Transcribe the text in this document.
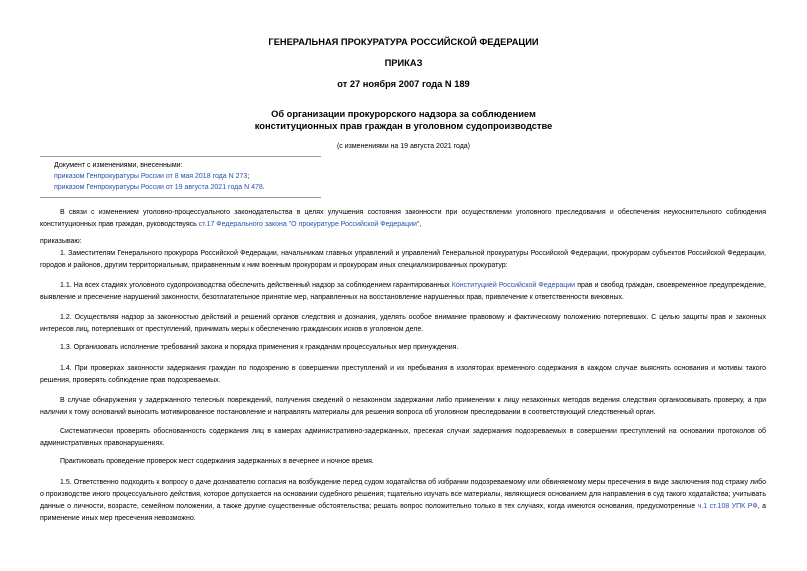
ГЕНЕРАЛЬНАЯ ПРОКУРАТУРА РОССИЙСКОЙ ФЕДЕРАЦИИ
ПРИКАЗ
от 27 ноября 2007 года N 189
Об организации прокурорского надзора за соблюдением
конституционных прав граждан в уголовном судопроизводстве
(с изменениями на 19 августа 2021 года)
Документ с изменениями, внесенными:
приказом Генпрокуратуры России от 8 мая 2018 года N 273;
приказом Генпрокуратуры России от 19 августа 2021 года N 478.

В связи с изменением уголовно-процессуального законодательства в целях улучшения состояния законности при осуществлении уголовного преследования и обеспечения неукоснительного соблюдения конституционных прав граждан, руководствуясь ст.17 Федерального закона "О прокуратуре Российской Федерации",

приказываю:

1. Заместителям Генерального прокурора Российской Федерации, начальникам главных управлений и управлений Генеральной прокуратуры Российской Федерации, прокурорам субъектов Российской Федерации, городов и районов, другим территориальным, приравненным к ним военным прокурорам и прокурорам иных специализированных прокуратур:

1.1. На всех стадиях уголовного судопроизводства обеспечить действенный надзор за соблюдением гарантированных Конституцией Российской Федерации прав и свобод граждан, своевременное предупреждение, выявление и пресечение нарушений законности, безотлагательное принятие мер, направленных на восстановление нарушенных прав, привлечение к ответственности виновных.

1.2. Осуществляя надзор за законностью действий и решений органов следствия и дознания, уделять особое внимание правовому и фактическому положению потерпевших. С целью защиты прав и законных интересов лиц, потерпевших от преступлений, принимать меры к обеспечению гражданских исков в уголовном деле.

1.3. Организовать исполнение требований закона и порядка применения к гражданам процессуальных мер принуждения.

1.4. При проверках законности задержания граждан по подозрению в совершении преступлений и их пребывания в изоляторах временного содержания в каждом случае выяснять основания и мотивы такого решения, проверять соблюдение прав подозреваемых.

В случае обнаружения у задержанного телесных повреждений, получения сведений о незаконном задержании либо применении к лицу незаконных методов ведения следствия организовывать проверку, а при наличии к тому оснований выносить мотивированное постановление и направлять материалы для решения вопроса об уголовном преследовании в соответствующий следственный орган.

Систематически проверять обоснованность содержания лиц в камерах административно-задержанных, пресекая случаи задержания подозреваемых в совершении преступлений на основании протоколов об административных правонарушениях.

Практиковать проведение проверок мест содержания задержанных в вечернее и ночное время.

1.5. Ответственно подходить к вопросу о даче дознавателю согласия на возбуждение перед судом ходатайства об избрании подозреваемому или обвиняемому меры пресечения в виде заключения под стражу либо о производстве иного процессуального действия, которое допускается на основании судебного решения; тщательно изучать все материалы, являющиеся основанием для направления в суд такого ходатайства; учитывать данные о личности, возрасте, семейном положении, а также другие существенные обстоятельства; решать вопрос положительно только в тех случаях, когда имеются основания, предусмотренные ч.1 ст.108 УПК РФ, а применение иных мер пресечения невозможно.
